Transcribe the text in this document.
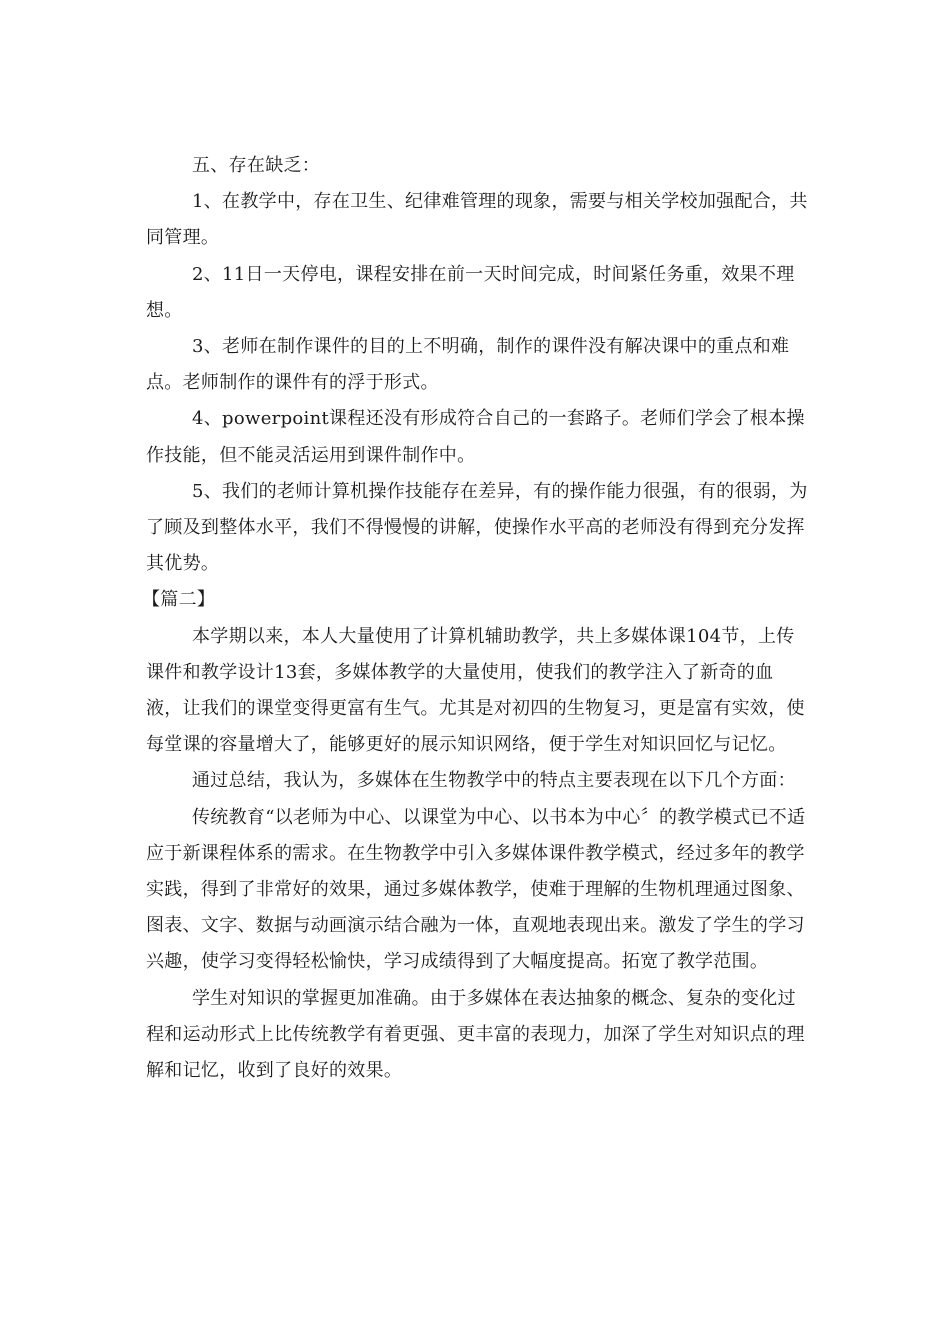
五、存在缺乏：

1、在教学中，存在卫生、纪律难管理的现象，需要与相关学校加强配合，共同管理。

2、11日一天停电，课程安排在前一天时间完成，时间紧任务重，效果不理想。

3、老师在制作课件的目的上不明确，制作的课件没有解决课中的重点和难点。老师制作的课件有的浮于形式。

4、powerpoint课程还没有形成符合自己的一套路子。老师们学会了根本操作技能，但不能灵活运用到课件制作中。

5、我们的老师计算机操作技能存在差异，有的操作能力很强，有的很弱，为了顾及到整体水平，我们不得慢慢的讲解，使操作水平高的老师没有得到充分发挥其优势。

【篇二】

本学期以来，本人大量使用了计算机辅助教学，共上多媒体课104节，上传课件和教学设计13套，多媒体教学的大量使用，使我们的教学注入了新奇的血液，让我们的课堂变得更富有生气。尤其是对初四的生物复习，更是富有实效，使每堂课的容量增大了，能够更好的展示知识网络，便于学生对知识回忆与记忆。

通过总结，我认为，多媒体在生物教学中的特点主要表现在以下几个方面：

传统教育“以老师为中心、以课堂为中心、以书本为中心〞的教学模式已不适应于新课程体系的需求。在生物教学中引入多媒体课件教学模式，经过多年的教学实践，得到了非常好的效果，通过多媒体教学，使难于理解的生物机理通过图象、图表、文字、数据与动画演示结合融为一体，直观地表现出来。激发了学生的学习兴趣，使学习变得轻松愉快，学习成绩得到了大幅度提高。拓宽了教学范围。

学生对知识的掌握更加准确。由于多媒体在表达抽象的概念、复杂的变化过程和运动形式上比传统教学有着更强、更丰富的表现力，加深了学生对知识点的理解和记忆，收到了良好的效果。
